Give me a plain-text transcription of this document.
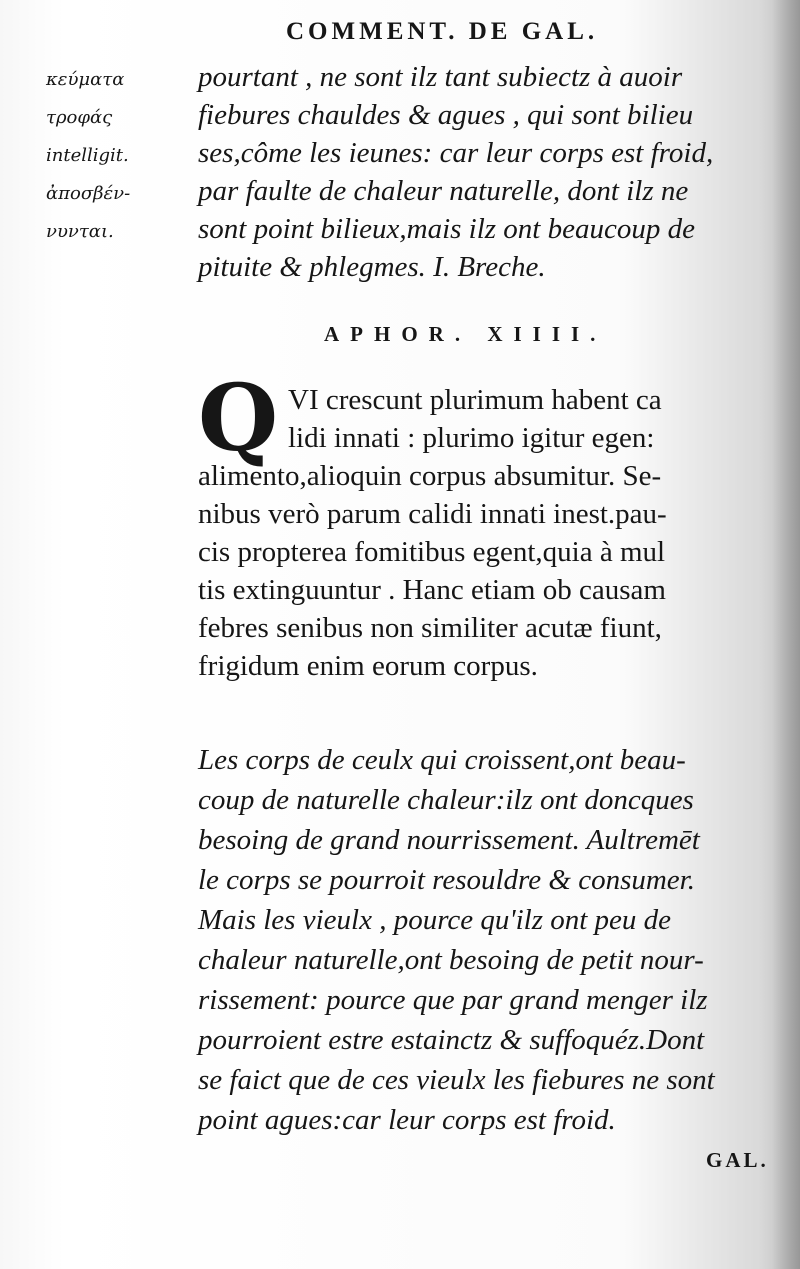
COMMENT. DE GAL.
κεύματα
τροφάς
intelligit.
ἀποσβέν-
νυνται.
pourtant , ne sont ilz tant subiectz à auoir
fiebures chauldes & agues , qui sont bilieu
ses,côme les ieunes: car leur corps est froid,
par faulte de chaleur naturelle, dont ilz ne
sont point bilieux,mais ilz ont beaucoup de
pituite & phlegmes. I. Breche.
APHOR. XIIII.
Q VI crescunt plurimum habent ca
lidi innati : plurimo igitur egen:
alimento,alioquin corpus absumitur. Se-
nibus verò parum calidi innati inest.pau-
cis propterea fomitibus egent,quia à mul
tis extinguuntur . Hanc etiam ob causam
febres senibus non similiter acutæ fiunt,
frigidum enim eorum corpus.
Les corps de ceulx qui croissent,ont beau-
coup de naturelle chaleur:ilz ont doncques
besoing de grand nourrissement. Aultremēt
le corps se pourroit resouldre & consumer.
Mais les vieulx , pource qu'ilz ont peu de
chaleur naturelle,ont besoing de petit nour-
rissement: pource que par grand menger ilz
pourroient estre estainctz & suffoquéz.Dont
se faict que de ces vieulx les fiebures ne sont
point agues:car leur corps est froid.
GAL.
